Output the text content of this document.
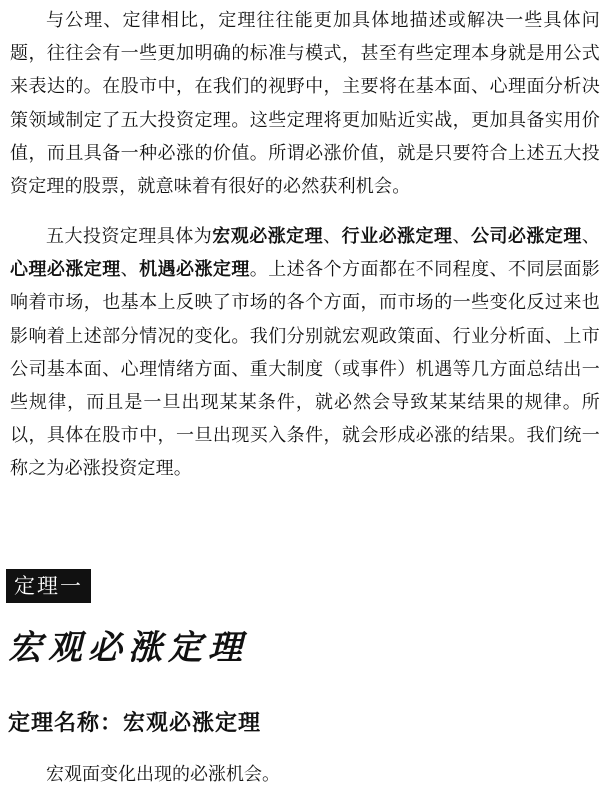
与公理、定律相比，定理往往能更加具体地描述或解决一些具体问题，往往会有一些更加明确的标准与模式，甚至有些定理本身就是用公式来表达的。在股市中，在我们的视野中，主要将在基本面、心理面分析决策领域制定了五大投资定理。这些定理将更加贴近实战，更加具备实用价值，而且具备一种必涨的价值。所谓必涨价值，就是只要符合上述五大投资定理的股票，就意味着有很好的必然获利机会。

五大投资定理具体为宏观必涨定理、行业必涨定理、公司必涨定理、心理必涨定理、机遇必涨定理。上述各个方面都在不同程度、不同层面影响着市场，也基本上反映了市场的各个方面，而市场的一些变化反过来也影响着上述部分情况的变化。我们分别就宏观政策面、行业分析面、上市公司基本面、心理情绪方面、重大制度（或事件）机遇等几方面总结出一些规律，而且是一旦出现某某条件，就必然会导致某某结果的规律。所以，具体在股市中，一旦出现买入条件，就会形成必涨的结果。我们统一称之为必涨投资定理。

定理一
宏观必涨定理
定理名称：宏观必涨定理

宏观面变化出现的必涨机会。
